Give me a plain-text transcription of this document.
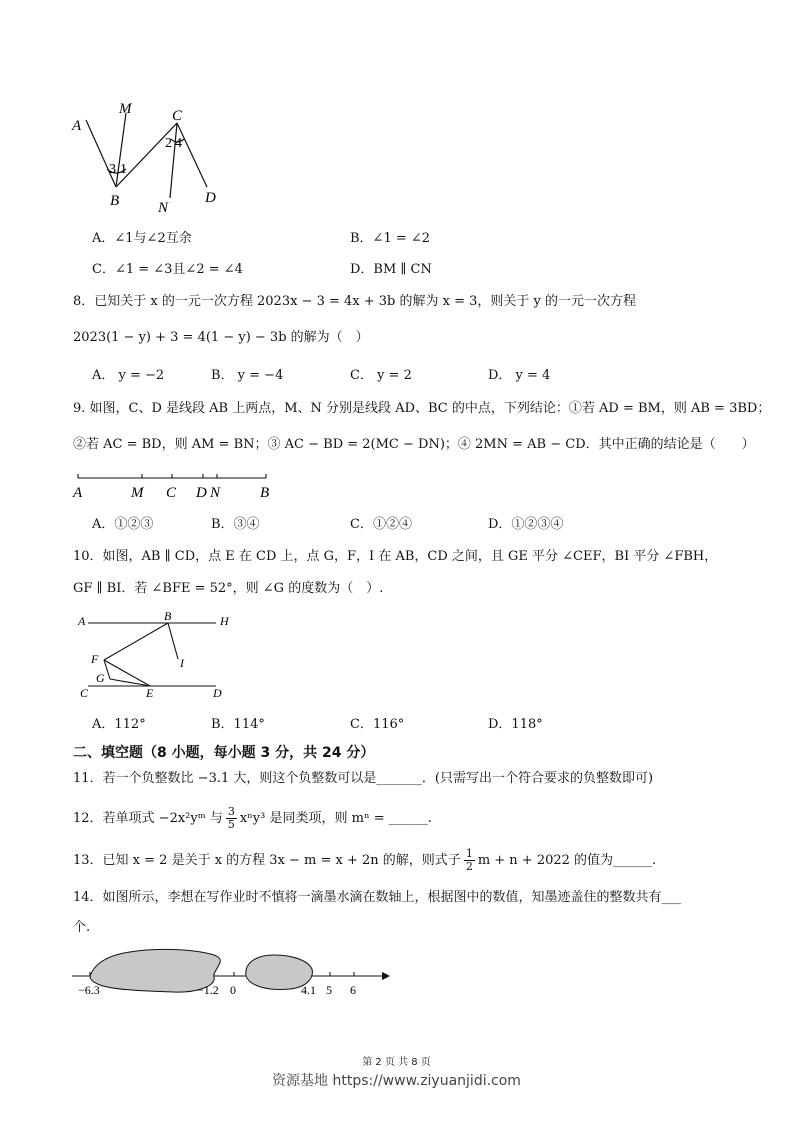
A
M	C
B	N
D
3 1
2 4
A．∠1与∠2互余	B．∠1 = ∠2
C．∠1 = ∠3且∠2 = ∠4	D．BM ∥ CN
8．已知关于 x 的一元一次方程 2023x − 3 = 4x + 3b 的解为 x = 3，则关于 y 的一元一次方程
2023(1 − y) + 3 = 4(1 − y) − 3b 的解为（　）
A． y = −2	B． y = −4	C． y = 2	D． y = 4
9. 如图，C、D 是线段 AB 上两点，M、N 分别是线段 AD、BC 的中点，下列结论：①若 AD = BM，则 AB = 3BD；
②若 AC = BD，则 AM = BN；③ AC − BD = 2(MC − DN)；④ 2MN = AB − CD．其中正确的结论是（　　）
A	M C D N	B
A．①②③	B．③④	C．①②④	D．①②③④
10．如图，AB ∥ CD，点 E 在 CD 上，点 G，F，I 在 AB，CD 之间，且 GE 平分 ∠CEF，BI 平分 ∠FBH，
GF ∥ BI．若 ∠BFE = 52°，则 ∠G 的度数为（　）.
A	B	H
F	I
G
C	E	D
A．112°	B．114°	C．116°	D．118°
二、填空题（8 小题，每小题 3 分，共 24 分）
11．若一个负整数比 −3.1 大，则这个负整数可以是_______．(只需写出一个符合要求的负整数即可)
12．若单项式 −2x²yᵐ 与 $\frac{3}{5} x^ny^3$ 是同类项，则 mⁿ = ______.
13．已知 x = 2 是关于 x 的方程 3x − m = x + 2n 的解，则式子 $\frac{1}{2}$ m + n + 2022 的值为______.
14．如图所示，李想在写作业时不慎将一滴墨水滴在数轴上，根据图中的数值，知墨迹盖住的整数共有___
个.
−6.3	−1.2 0	4.1 5 6
第 2 页 共 8 页
资源基地 https://www.ziyuanjidi.com
